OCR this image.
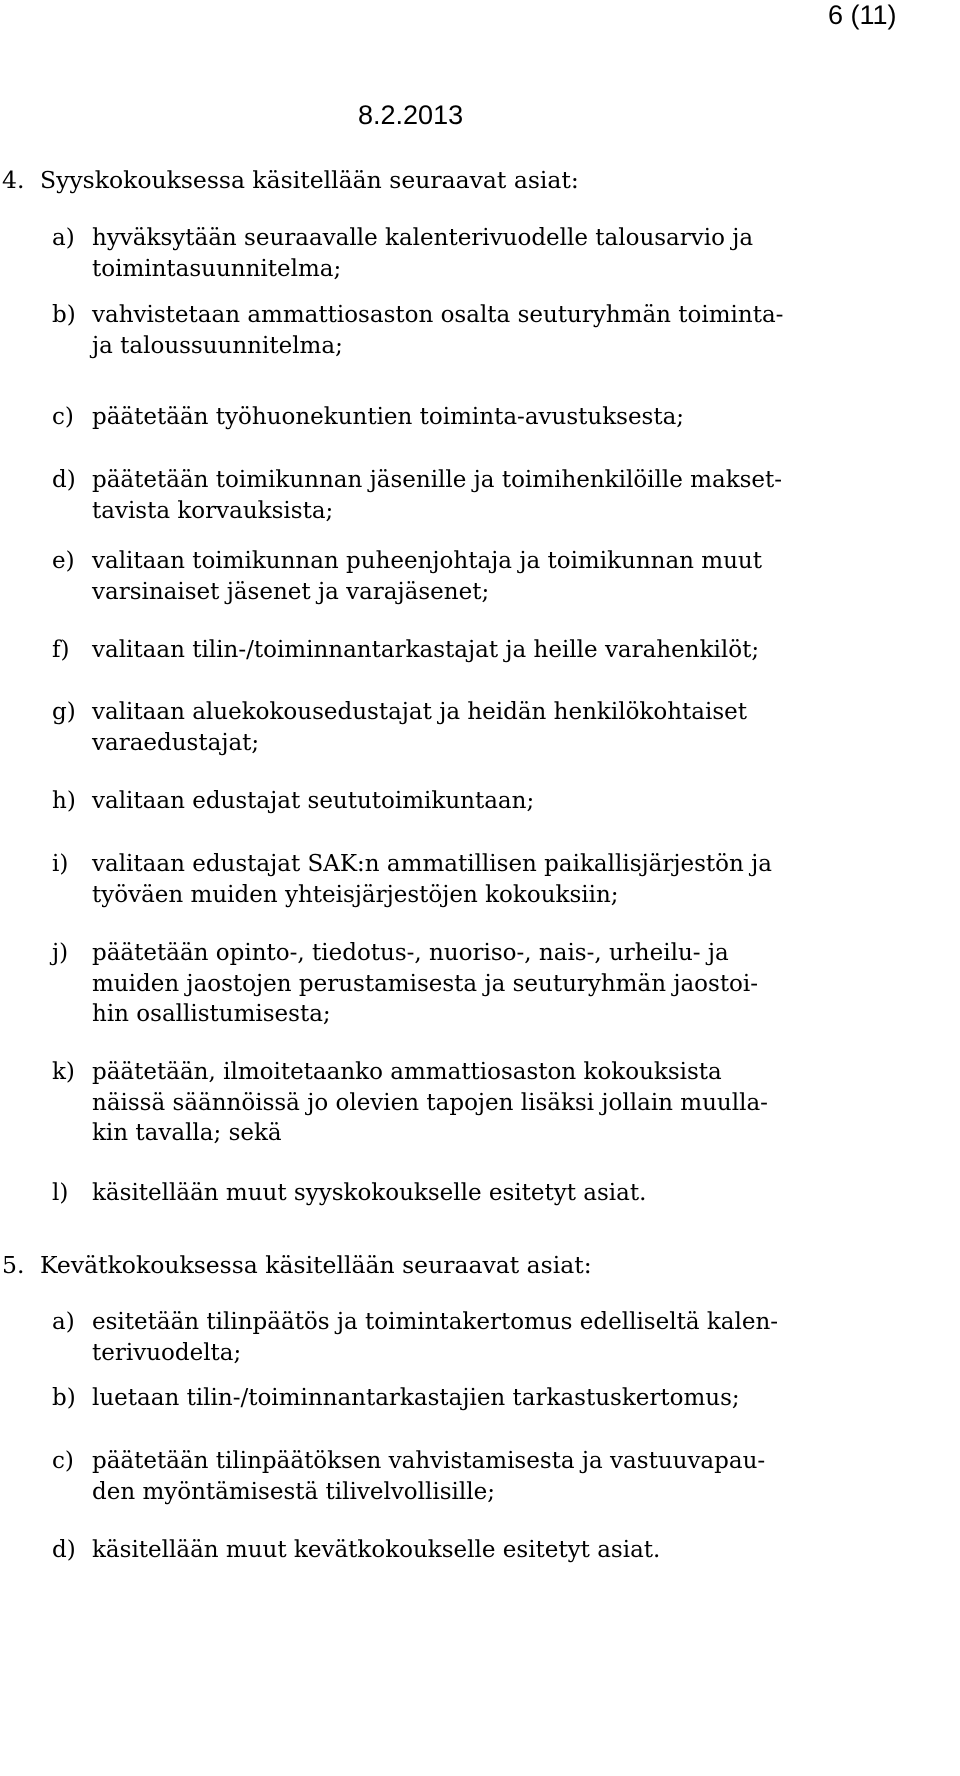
6 (11)
8.2.2013
4. Syyskokouksessa käsitellään seuraavat asiat:
a) hyväksytään seuraavalle kalenterivuodelle talousarvio ja
toimintasuunnitelma;
b) vahvistetaan ammattiosaston osalta seuturyhmän toiminta-
ja taloussuunnitelma;
c) päätetään työhuonekuntien toiminta-avustuksesta;
d) päätetään toimikunnan jäsenille ja toimihenkilöille makset-
tavista korvauksista;
e) valitaan toimikunnan puheenjohtaja ja toimikunnan muut
varsinaiset jäsenet ja varajäsenet;
f) valitaan tilin-/toiminnantarkastajat ja heille varahenkilöt;
g) valitaan aluekokousedustajat ja heidän henkilökohtaiset
varaedustajat;
h) valitaan edustajat seututoimikuntaan;
i) valitaan edustajat SAK:n ammatillisen paikallisjärjestön ja
työväen muiden yhteisjärjestöjen kokouksiin;
j) päätetään opinto-, tiedotus-, nuoriso-, nais-, urheilu- ja
muiden jaostojen perustamisesta ja seuturyhmän jaostoi-
hin osallistumisesta;
k) päätetään, ilmoitetaanko ammattiosaston kokouksista
näissä säännöissä jo olevien tapojen lisäksi jollain muulla-
kin tavalla; sekä
l) käsitellään muut syyskokoukselle esitetyt asiat.
5. Kevätkokouksessa käsitellään seuraavat asiat:
a) esitetään tilinpäätös ja toimintakertomus edelliseltä kalen-
terivuodelta;
b) luetaan tilin-/toiminnantarkastajien tarkastuskertomus;
c) päätetään tilinpäätöksen vahvistamisesta ja vastuuvapau-
den myöntämisestä tilivelvollisille;
d) käsitellään muut kevätkokoukselle esitetyt asiat.
